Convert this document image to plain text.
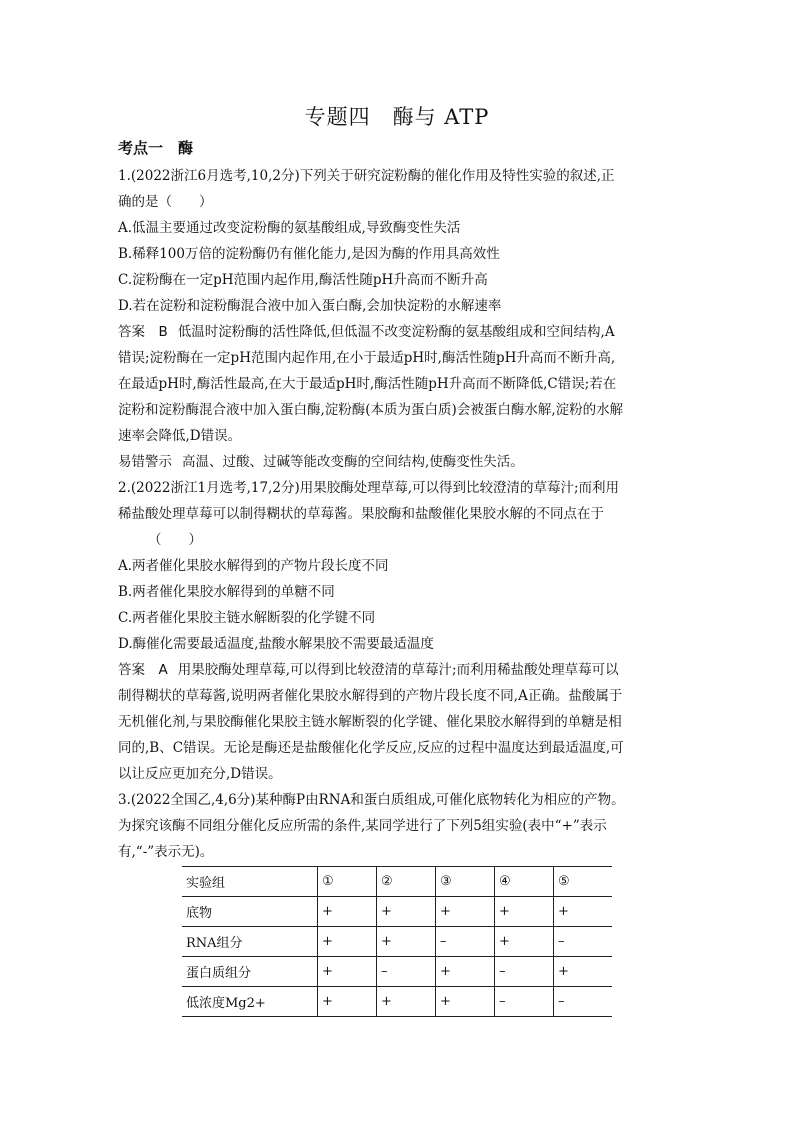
专题四　酶与 ATP
考点一　酶
1.(2022浙江6月选考,10,2分)下列关于研究淀粉酶的催化作用及特性实验的叙述,正
确的是（　　）
A.低温主要通过改变淀粉酶的氨基酸组成,导致酶变性失活
B.稀释100万倍的淀粉酶仍有催化能力,是因为酶的作用具高效性
C.淀粉酶在一定pH范围内起作用,酶活性随pH升高而不断升高
D.若在淀粉和淀粉酶混合液中加入蛋白酶,会加快淀粉的水解速率
答案　B 低温时淀粉酶的活性降低,但低温不改变淀粉酶的氨基酸组成和空间结构,A
错误;淀粉酶在一定pH范围内起作用,在小于最适pH时,酶活性随pH升高而不断升高,
在最适pH时,酶活性最高,在大于最适pH时,酶活性随pH升高而不断降低,C错误;若在
淀粉和淀粉酶混合液中加入蛋白酶,淀粉酶(本质为蛋白质)会被蛋白酶水解,淀粉的水解
速率会降低,D错误。
易错警示 高温、过酸、过碱等能改变酶的空间结构,使酶变性失活。
2.(2022浙江1月选考,17,2分)用果胶酶处理草莓,可以得到比较澄清的草莓汁;而利用
稀盐酸处理草莓可以制得糊状的草莓酱。果胶酶和盐酸催化果胶水解的不同点在于
（　　）
A.两者催化果胶水解得到的产物片段长度不同
B.两者催化果胶水解得到的单糖不同
C.两者催化果胶主链水解断裂的化学键不同
D.酶催化需要最适温度,盐酸水解果胶不需要最适温度
答案　A 用果胶酶处理草莓,可以得到比较澄清的草莓汁;而利用稀盐酸处理草莓可以
制得糊状的草莓酱,说明两者催化果胶水解得到的产物片段长度不同,A正确。盐酸属于
无机催化剂,与果胶酶催化果胶主链水解断裂的化学键、催化果胶水解得到的单糖是相
同的,B、C错误。无论是酶还是盐酸催化化学反应,反应的过程中温度达到最适温度,可
以让反应更加充分,D错误。
3.(2022全国乙,4,6分)某种酶P由RNA和蛋白质组成,可催化底物转化为相应的产物。
为探究该酶不同组分催化反应所需的条件,某同学进行了下列5组实验(表中“+”表示
有,“-”表示无)。
实验组	①	②	③	④	⑤
底物	+	+	+	+	+
RNA组分	+	+	–	+	–
蛋白质组分	+	–	+	–	+
低浓度Mg2+	+	+	+	–	–
